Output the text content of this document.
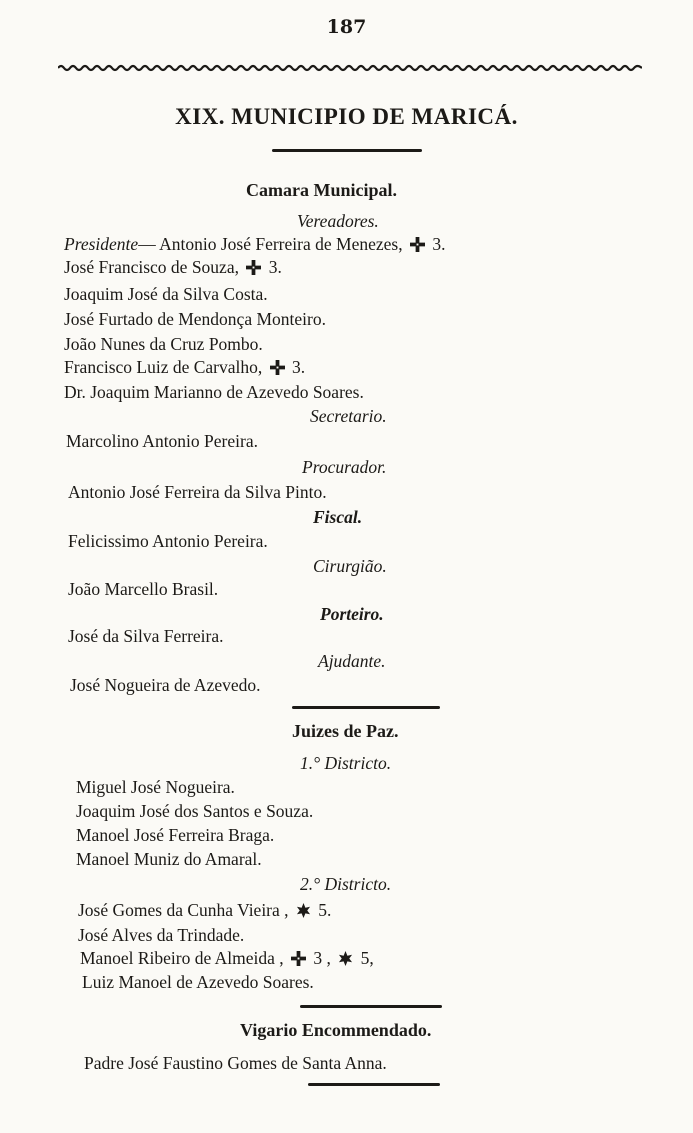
187
XIX. MUNICIPIO DE MARICÁ.
Camara Municipal.
Vereadores.
Presidente— Antonio José Ferreira de Menezes, 3.
José Francisco de Souza, 3.
Joaquim José da Silva Costa.
José Furtado de Mendonça Monteiro.
João Nunes da Cruz Pombo.
Francisco Luiz de Carvalho, 3.
Dr. Joaquim Marianno de Azevedo Soares.
Secretario.
Marcolino Antonio Pereira.
Procurador.
Antonio José Ferreira da Silva Pinto.
Fiscal.
Felicissimo Antonio Pereira.
Cirurgião.
João Marcello Brasil.
Porteiro.
José da Silva Ferreira.
Ajudante.
José Nogueira de Azevedo.
Juizes de Paz.
1.° Districto.
Miguel José Nogueira.
Joaquim José dos Santos e Souza.
Manoel José Ferreira Braga.
Manoel Muniz do Amaral.
2.° Districto.
José Gomes da Cunha Vieira , 5.
José Alves da Trindade.
Manoel Ribeiro de Almeida , 3 , 5,
Luiz Manoel de Azevedo Soares.
Vigario Encommendado.
Padre José Faustino Gomes de Santa Anna.
